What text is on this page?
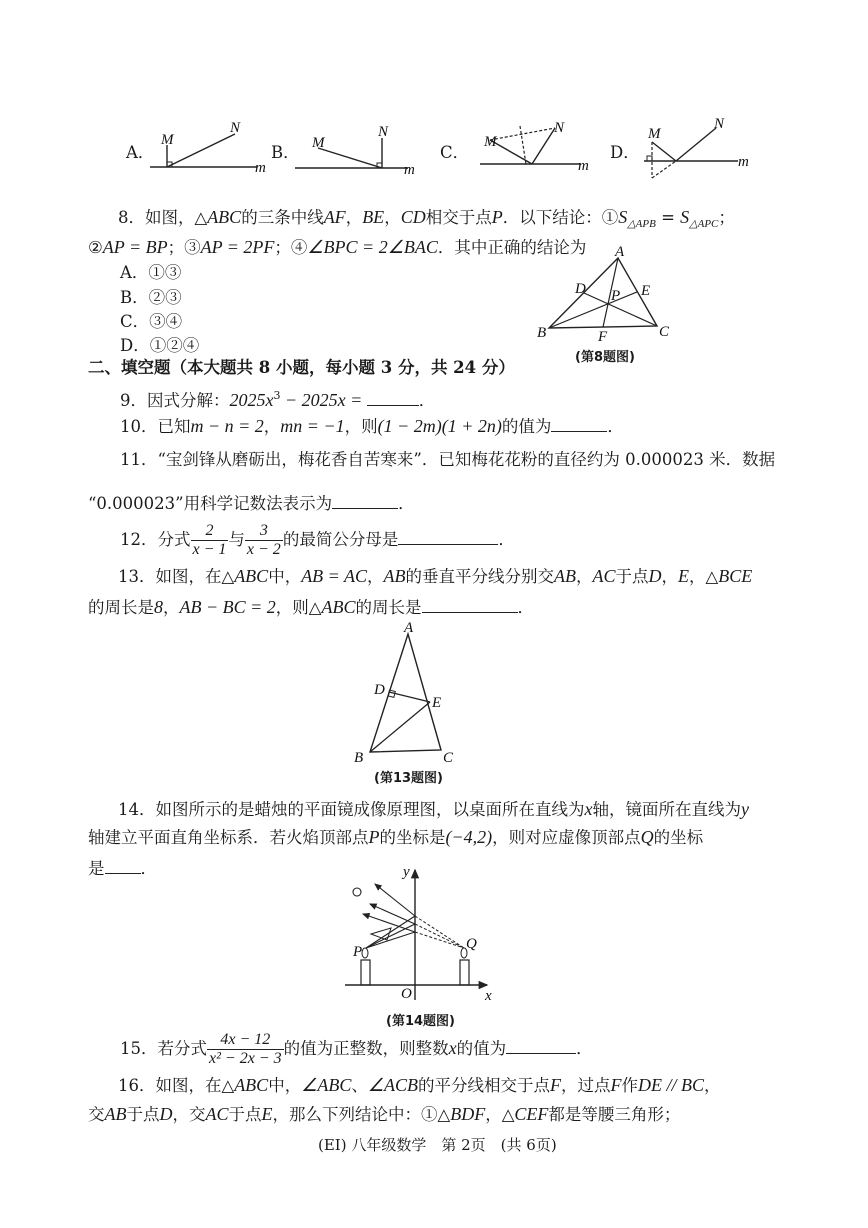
A．
M
N
m
B． M
N
m
C．
M
N
m
D．
M
N
m
8．如图，△ABC的三条中线AF，BE，CD相交于点P．以下结论：$①S_{\triangle APB} = S_{\triangle APC}$；
②AP = BP；③AP = 2PF；④∠BPC = 2∠BAC．其中正确的结论为
A．①③
B．②③
C．③④
D．①②④
A
B	C
D	E
F
P
(第8题图)
二、填空题（本大题共 8 小题，每小题 3 分，共 24 分）
9．因式分解：$2025x^3 - 2025x$ =	．
10．已知m − n = 2，mn = −1，则(1 − 2m)(1 + 2n)的值为	．
11．“宝剑锋从磨砺出，梅花香自苦寒来”．已知梅花花粉的直径约为 0.000023 米．数据
“0.000023”用科学记数法表示为	．
12．分式 $\frac{2}{x - 1}$ 与 $\frac{3}{x - 2}$ 的最简公分母是	．
13．如图，在△ABC中，AB = AC，AB的垂直平分线分别交AB，AC于点D，E，△BCE
的周长是8，AB − BC = 2，则△ABC的周长是	．
A
B	C
D
E
(第13题图)
14．如图所示的是蜡烛的平面镜成像原理图，以桌面所在直线为x轴，镜面所在直线为y
轴建立平面直角坐标系．若火焰顶部点P的坐标是(−4,2)，则对应虚像顶部点Q的坐标
是 ．
P	Q
O	x
y
(第14题图)
15．若分式 $\frac{4x - 12}{\text{x² − 2x − 3}}$ 的值为正整数，则整数x的值为	．
16．如图，在△ABC中，∠ABC、∠ACB的平分线相交于点F，过点F作DE // BC，
交AB于点D，交AC于点E，那么下列结论中：①△BDF，△CEF都是等腰三角形；
(EI) 八年级数学　第 2页　(共 6页)
